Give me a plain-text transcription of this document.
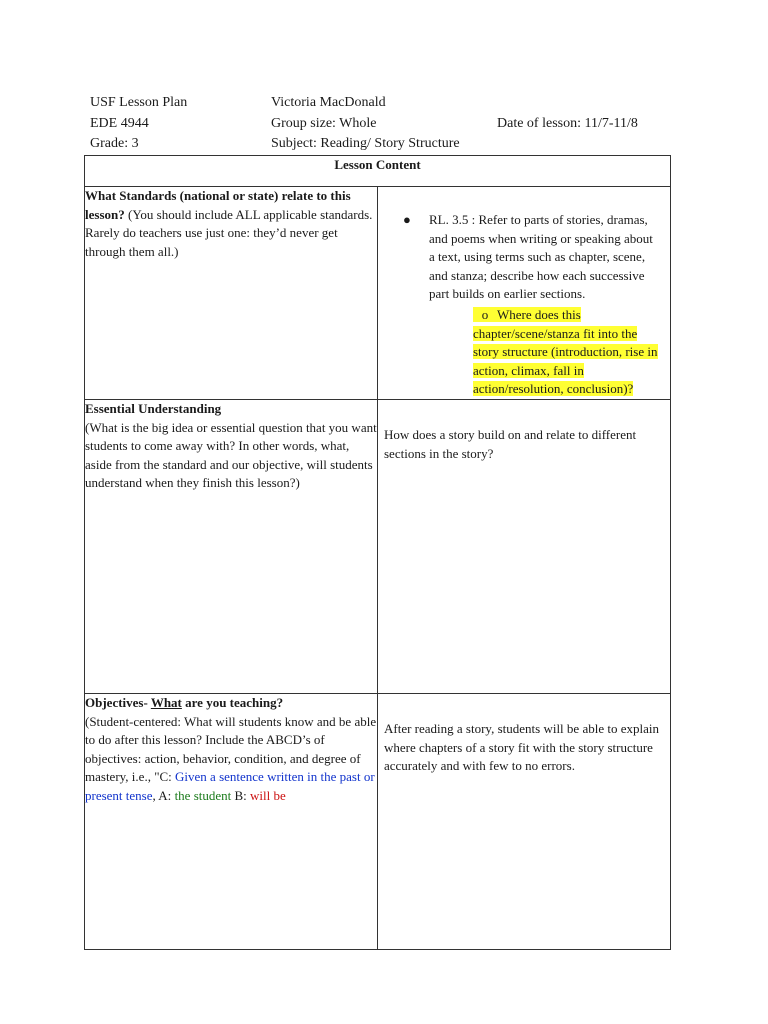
USF Lesson Plan
EDE 4944
Grade: 3
Victoria MacDonald
Group size: Whole
Subject: Reading/ Story Structure
Date of lesson: 11/7-11/8
Lesson Content	
What Standards (national or state) relate to this lesson? (You should include ALL applicable standards. Rarely do teachers use just one: they’d never get through them all.)	● RL. 3.5 : Refer to parts of stories, dramas, and poems when writing or speaking about a text, using terms such as chapter, scene, and stanza; describe how each successive part builds on earlier sections.
o Where does this chapter/scene/stanza fit into the story structure (introduction, rise in action, climax, fall in action/resolution, conclusion)?

Essential Understanding
(What is the big idea or essential question that you want students to come away with? In other words, what, aside from the standard and our objective, will students understand when they finish this lesson?)	How does a story build on and relate to different sections in the story?

Objectives- What are you teaching?
(Student-centered: What will students know and be able to do after this lesson? Include the ABCD’s of objectives: action, behavior, condition, and degree of mastery, i.e., "C: Given a sentence written in the past or present tense, A: the student B: will be	After reading a story, students will be able to explain where chapters of a story fit with the story structure accurately and with few to no errors.
